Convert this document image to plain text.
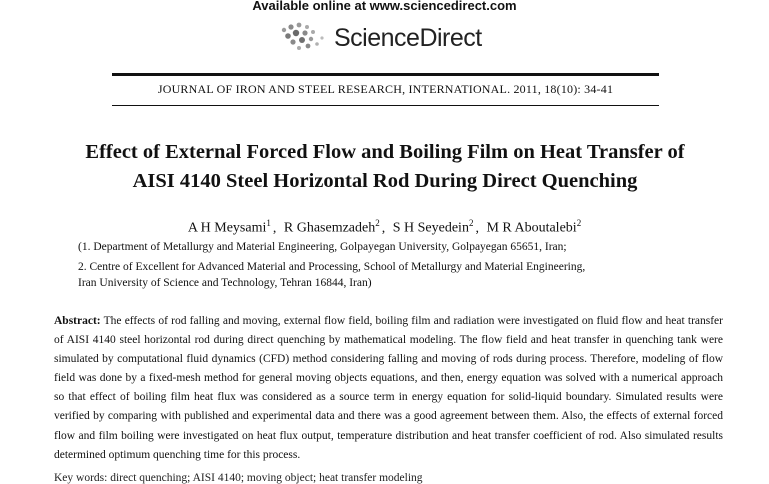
Available online at www.sciencedirect.com
ScienceDirect
JOURNAL OF IRON AND STEEL RESEARCH, INTERNATIONAL. 2011, 18(10): 34-41
Effect of External Forced Flow and Boiling Film on Heat Transfer of
AISI 4140 Steel Horizontal Rod During Direct Quenching
A H Meysami$^1$ , R Ghasemzadeh$^2$ , S H Seyedein$^2$ , M R Aboutalebi$^2$
(1. Department of Metallurgy and Material Engineering, Golpayegan University, Golpayegan 65651, Iran;
2. Centre of Excellent for Advanced Material and Processing, School of Metallurgy and Material Engineering,
Iran University of Science and Technology, Tehran 16844, Iran)
Abstract: The effects of rod falling and moving, external flow field, boiling film and radiation were investigated on fluid flow and heat transfer of AISI 4140 steel horizontal rod during direct quenching by mathematical modeling. The flow field and heat transfer in quenching tank were simulated by computational fluid dynamics (CFD) method considering falling and moving of rods during process. Therefore, modeling of flow field was done by a fixed-mesh method for general moving objects equations, and then, energy equation was solved with a numerical approach so that effect of boiling film heat flux was considered as a source term in energy equation for solid-liquid boundary. Simulated results were verified by comparing with published and experimental data and there was a good agreement between them. Also, the effects of external forced flow and film boiling were investigated on heat flux output, temperature distribution and heat transfer coefficient of rod. Also simulated results determined optimum quenching time for this process.
Key words: direct quenching; AISI 4140; moving object; heat transfer modeling
